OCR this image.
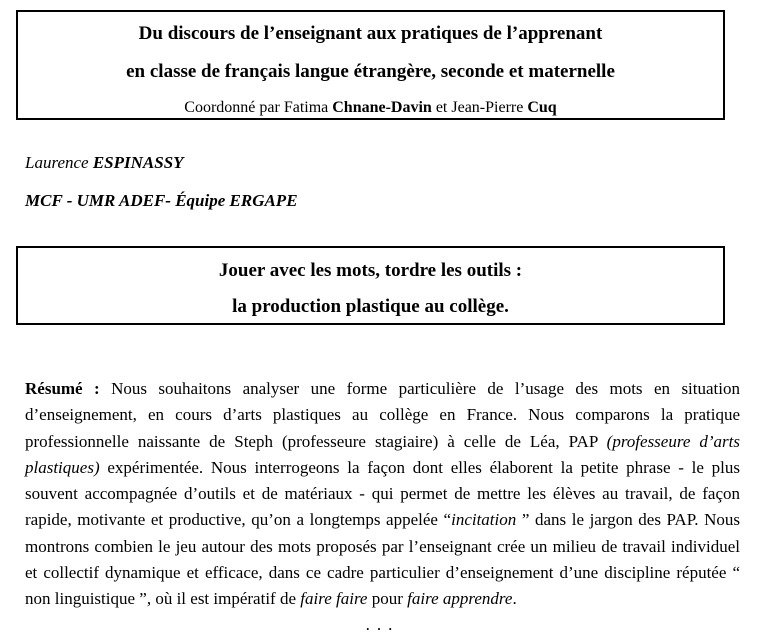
Du discours de l’enseignant aux pratiques de l’apprenant
en classe de français langue étrangère, seconde et maternelle
Coordonné par Fatima Chnane-Davin et Jean-Pierre Cuq
Laurence ESPINASSY
MCF - UMR ADEF- Équipe ERGAPE
Jouer avec les mots, tordre les outils :
la production plastique au collège.
Résumé : Nous souhaitons analyser une forme particulière de l’usage des mots en situation d’enseignement, en cours d’arts plastiques au collège en France. Nous comparons la pratique professionnelle naissante de Steph (professeure stagiaire) à celle de Léa, PAP (professeure d’arts plastiques) expérimentée. Nous interrogeons la façon dont elles élaborent la petite phrase - le plus souvent accompagnée d’outils et de matériaux - qui permet de mettre les élèves au travail, de façon rapide, motivante et productive, qu’on a longtemps appelée “incitation ” dans le jargon des PAP. Nous montrons combien le jeu autour des mots proposés par l’enseignant crée un milieu de travail individuel et collectif dynamique et efficace, dans ce cadre particulier d’enseignement d’une discipline réputée “ non linguistique ”, où il est impératif de faire faire pour faire apprendre.
...
